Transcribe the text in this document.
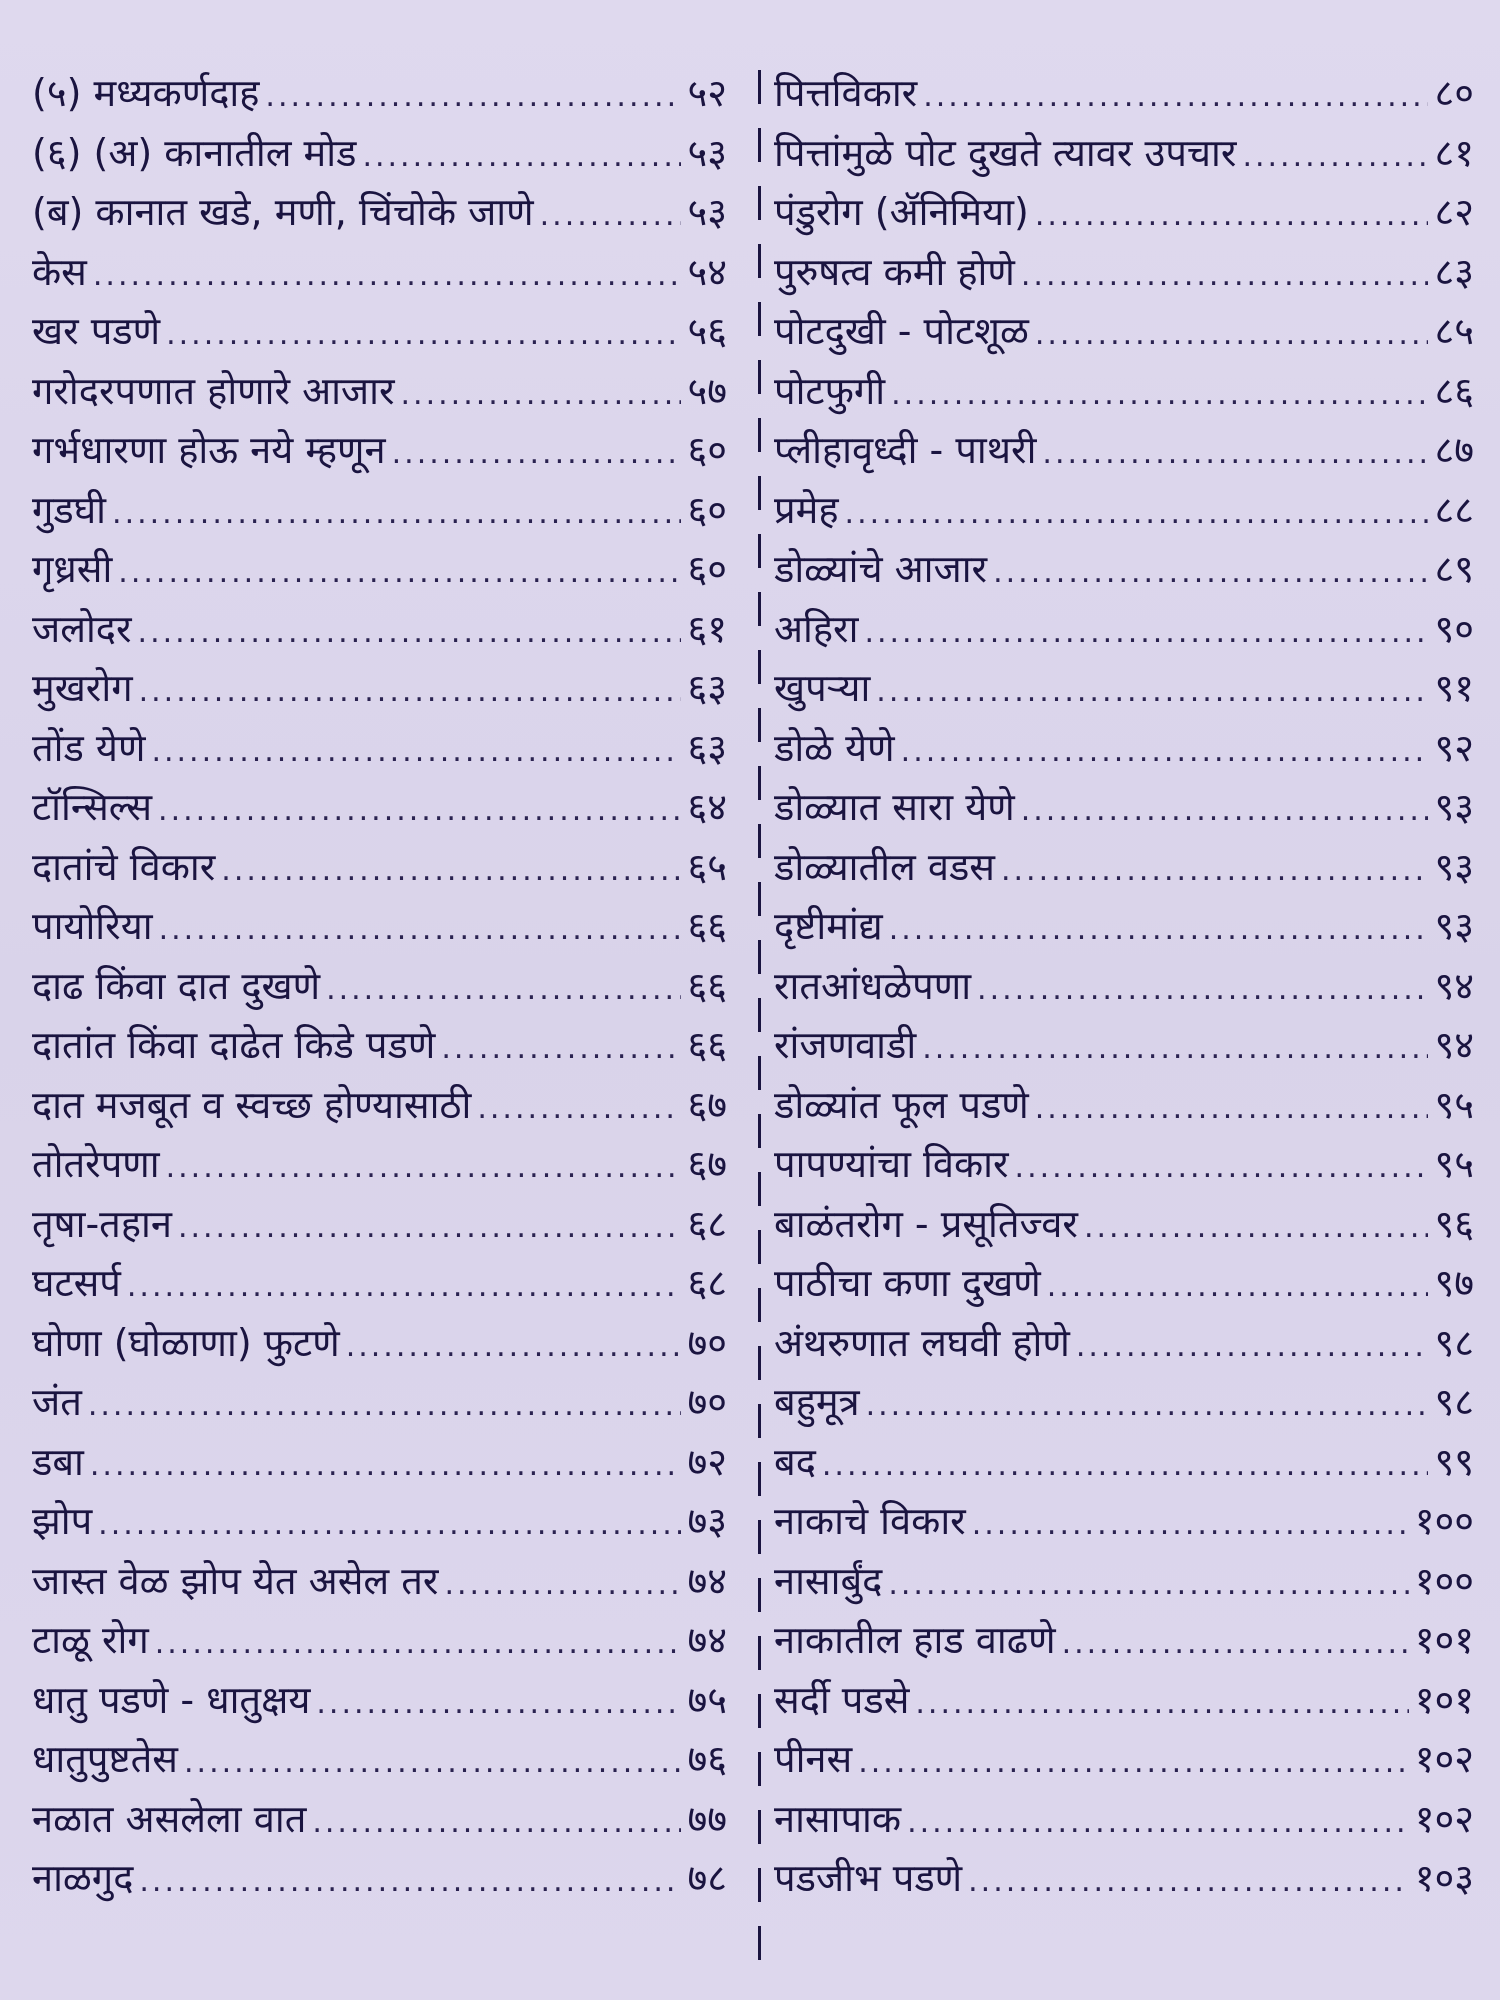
(५) मध्यकर्णदाह .....	५२
(६) (अ) कानातील मोड .....	५३
(ब) कानात खडे, मणी, चिंचोके जाणे .....	५३
केस .....	५४
खर पडणे .....	५६
गरोदरपणात होणारे आजार .....	५७
गर्भधारणा होऊ नये म्हणून .....	६०
गुडघी .....	६०
गृध्रसी .....	६०
जलोदर .....	६१
मुखरोग .....	६३
तोंड येणे .....	६३
टॉन्सिल्स .....	६४
दातांचे विकार .....	६५
पायोरिया .....	६६
दाढ किंवा दात दुखणे .....	६६
दातांत किंवा दाढेत किडे पडणे .....	६६
दात मजबूत व स्वच्छ होण्यासाठी .....	६७
तोतरेपणा .....	६७
तृषा-तहान .....	६८
घटसर्प .....	६८
घोणा (घोळाणा) फुटणे .....	७०
जंत .....	७०
डबा .....	७२
झोप .....	७३
जास्त वेळ झोप येत असेल तर .....	७४
टाळू रोग .....	७४
धातु पडणे - धातुक्षय .....	७५
धातुपुष्टतेस .....	७६
नळात असलेला वात .....	७७
नाळगुद .....	७८
पित्तविकार .....	८०
पित्तांमुळे पोट दुखते त्यावर उपचार .....	८१
पंडुरोग (ॲनिमिया) .....	८२
पुरुषत्व कमी होणे .....	८३
पोटदुखी - पोटशूळ .....	८५
पोटफुगी .....	८६
प्लीहावृध्दी - पाथरी .....	८७
प्रमेह .....	८८
डोळ्यांचे आजार .....	८९
अहिरा .....	९०
खुपऱ्या .....	९१
डोळे येणे .....	९२
डोळ्यात सारा येणे .....	९३
डोळ्यातील वडस .....	९३
दृष्टीमांद्य .....	९३
रातआंधळेपणा .....	९४
रांजणवाडी .....	९४
डोळ्यांत फूल पडणे .....	९५
पापण्यांचा विकार .....	९५
बाळंतरोग - प्रसूतिज्वर .....	९६
पाठीचा कणा दुखणे .....	९७
अंथरुणात लघवी होणे .....	९८
बहुमूत्र .....	९८
बद .....	९९
नाकाचे विकार .....	१००
नासार्बुंद .....	१००
नाकातील हाड वाढणे .....	१०१
सर्दी पडसे .....	१०१
पीनस .....	१०२
नासापाक .....	१०२
पडजीभ पडणे .....	१०३
